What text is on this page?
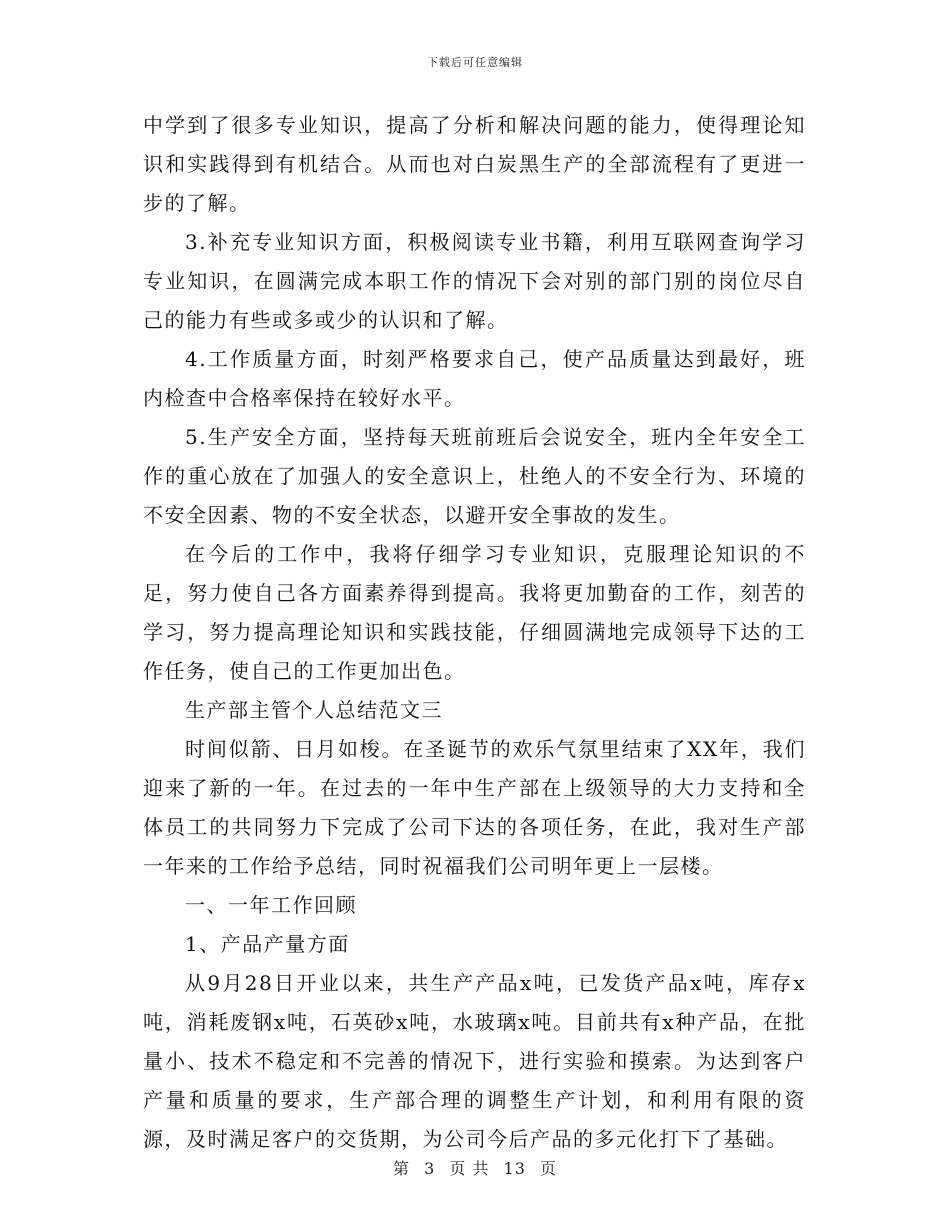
下载后可任意编辑

中学到了很多专业知识，提高了分析和解决问题的能力，使得理论知识和实践得到有机结合。从而也对白炭黑生产的全部流程有了更进一步的了解。

3.补充专业知识方面，积极阅读专业书籍，利用互联网查询学习专业知识，在圆满完成本职工作的情况下会对别的部门别的岗位尽自己的能力有些或多或少的认识和了解。

4.工作质量方面，时刻严格要求自己，使产品质量达到最好，班内检查中合格率保持在较好水平。

5.生产安全方面，坚持每天班前班后会说安全，班内全年安全工作的重心放在了加强人的安全意识上，杜绝人的不安全行为、环境的不安全因素、物的不安全状态，以避开安全事故的发生。

在今后的工作中，我将仔细学习专业知识，克服理论知识的不足，努力使自己各方面素养得到提高。我将更加勤奋的工作，刻苦的学习，努力提高理论知识和实践技能，仔细圆满地完成领导下达的工作任务，使自己的工作更加出色。

生产部主管个人总结范文三

时间似箭、日月如梭。在圣诞节的欢乐气氛里结束了XX年，我们迎来了新的一年。在过去的一年中生产部在上级领导的大力支持和全体员工的共同努力下完成了公司下达的各项任务，在此，我对生产部一年来的工作给予总结，同时祝福我们公司明年更上一层楼。

一、一年工作回顾

1、产品产量方面

从9月28日开业以来，共生产产品x吨，已发货产品x吨，库存x吨，消耗废钢x吨，石英砂x吨，水玻璃x吨。目前共有x种产品，在批量小、技术不稳定和不完善的情况下，进行实验和摸索。为达到客户产量和质量的要求，生产部合理的调整生产计划，和利用有限的资源，及时满足客户的交货期，为公司今后产品的多元化打下了基础。

第 3 页 共 13 页
